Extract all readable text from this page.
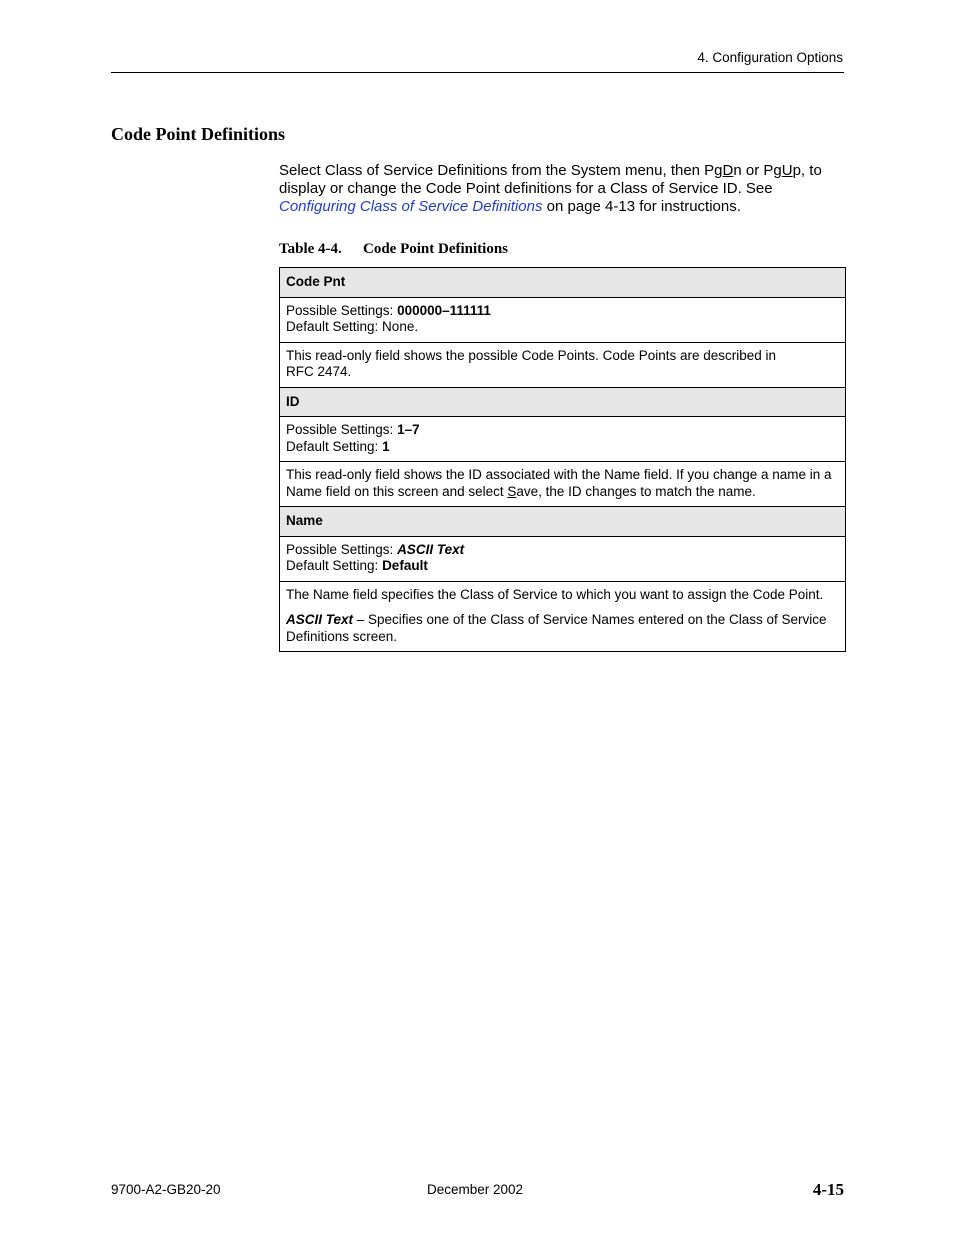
4. Configuration Options
Code Point Definitions
Select Class of Service Definitions from the System menu, then PgDn or PgUp, to display or change the Code Point definitions for a Class of Service ID. See Configuring Class of Service Definitions on page 4-13 for instructions.
Table 4-4. Code Point Definitions
Code Pnt
Possible Settings: 000000–111111
Default Setting: None.
This read-only field shows the possible Code Points. Code Points are described in
RFC 2474.
ID
Possible Settings: 1–7
Default Setting: 1
This read-only field shows the ID associated with the Name field. If you change a name in a Name field on this screen and select Save, the ID changes to match the name.
Name
Possible Settings: ASCII Text
Default Setting: Default

The Name field specifies the Class of Service to which you want to assign the Code Point.
ASCII Text – Specifies one of the Class of Service Names entered on the Class of Service Definitions screen.
9700-A2-GB20-20	December 2002	4-15
